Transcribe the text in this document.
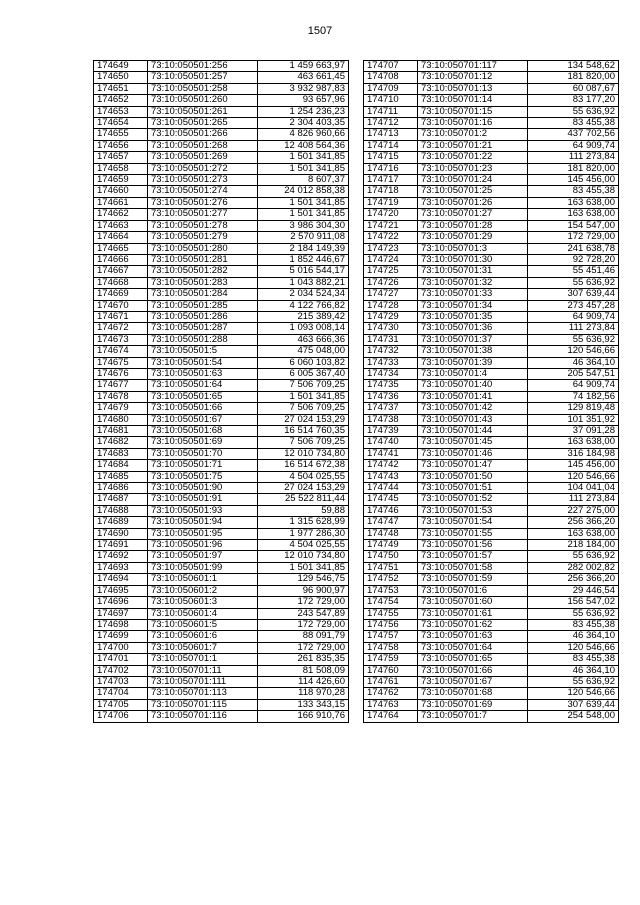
1507
174649	73:10:050501:256	1 459 663,97
174650	73:10:050501:257	463 661,45
174651	73:10:050501:258	3 932 987,83
174652	73:10:050501:260	93 657,96
174653	73:10:050501:261	1 254 236,23
174654	73:10:050501:265	2 304 403,35
174655	73:10:050501:266	4 826 960,66
174656	73:10:050501:268	12 408 564,36
174657	73:10:050501:269	1 501 341,85
174658	73:10:050501:272	1 501 341,85
174659	73:10:050501:273	8 607,37
174660	73:10:050501:274	24 012 858,38
174661	73:10:050501:276	1 501 341,85
174662	73:10:050501:277	1 501 341,85
174663	73:10:050501:278	3 986 304,30
174664	73:10:050501:279	2 570 911,08
174665	73:10:050501:280	2 184 149,39
174666	73:10:050501:281	1 852 446,67
174667	73:10:050501:282	5 016 544,17
174668	73:10:050501:283	1 043 882,21
174669	73:10:050501:284	2 034 524,34
174670	73:10:050501:285	4 122 766,82
174671	73:10:050501:286	215 389,42
174672	73:10:050501:287	1 093 008,14
174673	73:10:050501:288	463 666,36
174674	73:10:050501:5	475 048,00
174675	73:10:050501:54	6 060 103,82
174676	73:10:050501:63	6 005 367,40
174677	73:10:050501:64	7 506 709,25
174678	73:10:050501:65	1 501 341,85
174679	73:10:050501:66	7 506 709,25
174680	73:10:050501:67	27 024 153,29
174681	73:10:050501:68	16 514 760,35
174682	73:10:050501:69	7 506 709,25
174683	73:10:050501:70	12 010 734,80
174684	73:10:050501:71	16 514 672,38
174685	73:10:050501:75	4 504 025,55
174686	73:10:050501:90	27 024 153,29
174687	73:10:050501:91	25 522 811,44
174688	73:10:050501:93	59,88
174689	73:10:050501:94	1 315 628,99
174690	73:10:050501:95	1 977 286,30
174691	73:10:050501:96	4 504 025,55
174692	73:10:050501:97	12 010 734,80
174693	73:10:050501:99	1 501 341,85
174694	73:10:050601:1	129 546,75
174695	73:10:050601:2	96 900,97
174696	73:10:050601:3	172 729,00
174697	73:10:050601:4	243 547,89
174698	73:10:050601:5	172 729,00
174699	73:10:050601:6	88 091,79
174700	73:10:050601:7	172 729,00
174701	73:10:050701:1	261 835,35
174702	73:10:050701:11	81 508,09
174703	73:10:050701:111	114 426,60
174704	73:10:050701:113	118 970,28
174705	73:10:050701:115	133 343,15
174706	73:10:050701:116	166 910,76
174707	73:10:050701:117	134 548,62
174708	73:10:050701:12	181 820,00
174709	73:10:050701:13	60 087,67
174710	73:10:050701:14	83 177,20
174711	73:10:050701:15	55 636,92
174712	73:10:050701:16	83 455,38
174713	73:10:050701:2	437 702,56
174714	73:10:050701:21	64 909,74
174715	73:10:050701:22	111 273,84
174716	73:10:050701:23	181 820,00
174717	73:10:050701:24	145 456,00
174718	73:10:050701:25	83 455,38
174719	73:10:050701:26	163 638,00
174720	73:10:050701:27	163 638,00
174721	73:10:050701:28	154 547,00
174722	73:10:050701:29	172 729,00
174723	73:10:050701:3	241 638,78
174724	73:10:050701:30	92 728,20
174725	73:10:050701:31	55 451,46
174726	73:10:050701:32	55 636,92
174727	73:10:050701:33	307 639,44
174728	73:10:050701:34	273 457,28
174729	73:10:050701:35	64 909,74
174730	73:10:050701:36	111 273,84
174731	73:10:050701:37	55 636,92
174732	73:10:050701:38	120 546,66
174733	73:10:050701:39	46 364,10
174734	73:10:050701:4	205 547,51
174735	73:10:050701:40	64 909,74
174736	73:10:050701:41	74 182,56
174737	73:10:050701:42	129 819,48
174738	73:10:050701:43	101 351,92
174739	73:10:050701:44	37 091,28
174740	73:10:050701:45	163 638,00
174741	73:10:050701:46	316 184,98
174742	73:10:050701:47	145 456,00
174743	73:10:050701:50	120 546,66
174744	73:10:050701:51	104 041,04
174745	73:10:050701:52	111 273,84
174746	73:10:050701:53	227 275,00
174747	73:10:050701:54	256 366,20
174748	73:10:050701:55	163 638,00
174749	73:10:050701:56	218 184,00
174750	73:10:050701:57	55 636,92
174751	73:10:050701:58	282 002,82
174752	73:10:050701:59	256 366,20
174753	73:10:050701:6	29 446,54
174754	73:10:050701:60	156 547,02
174755	73:10:050701:61	55 636,92
174756	73:10:050701:62	83 455,38
174757	73:10:050701:63	46 364,10
174758	73:10:050701:64	120 546,66
174759	73:10:050701:65	83 455,38
174760	73:10:050701:66	46 364,10
174761	73:10:050701:67	55 636,92
174762	73:10:050701:68	120 546,66
174763	73:10:050701:69	307 639,44
174764	73:10:050701:7	254 548,00
